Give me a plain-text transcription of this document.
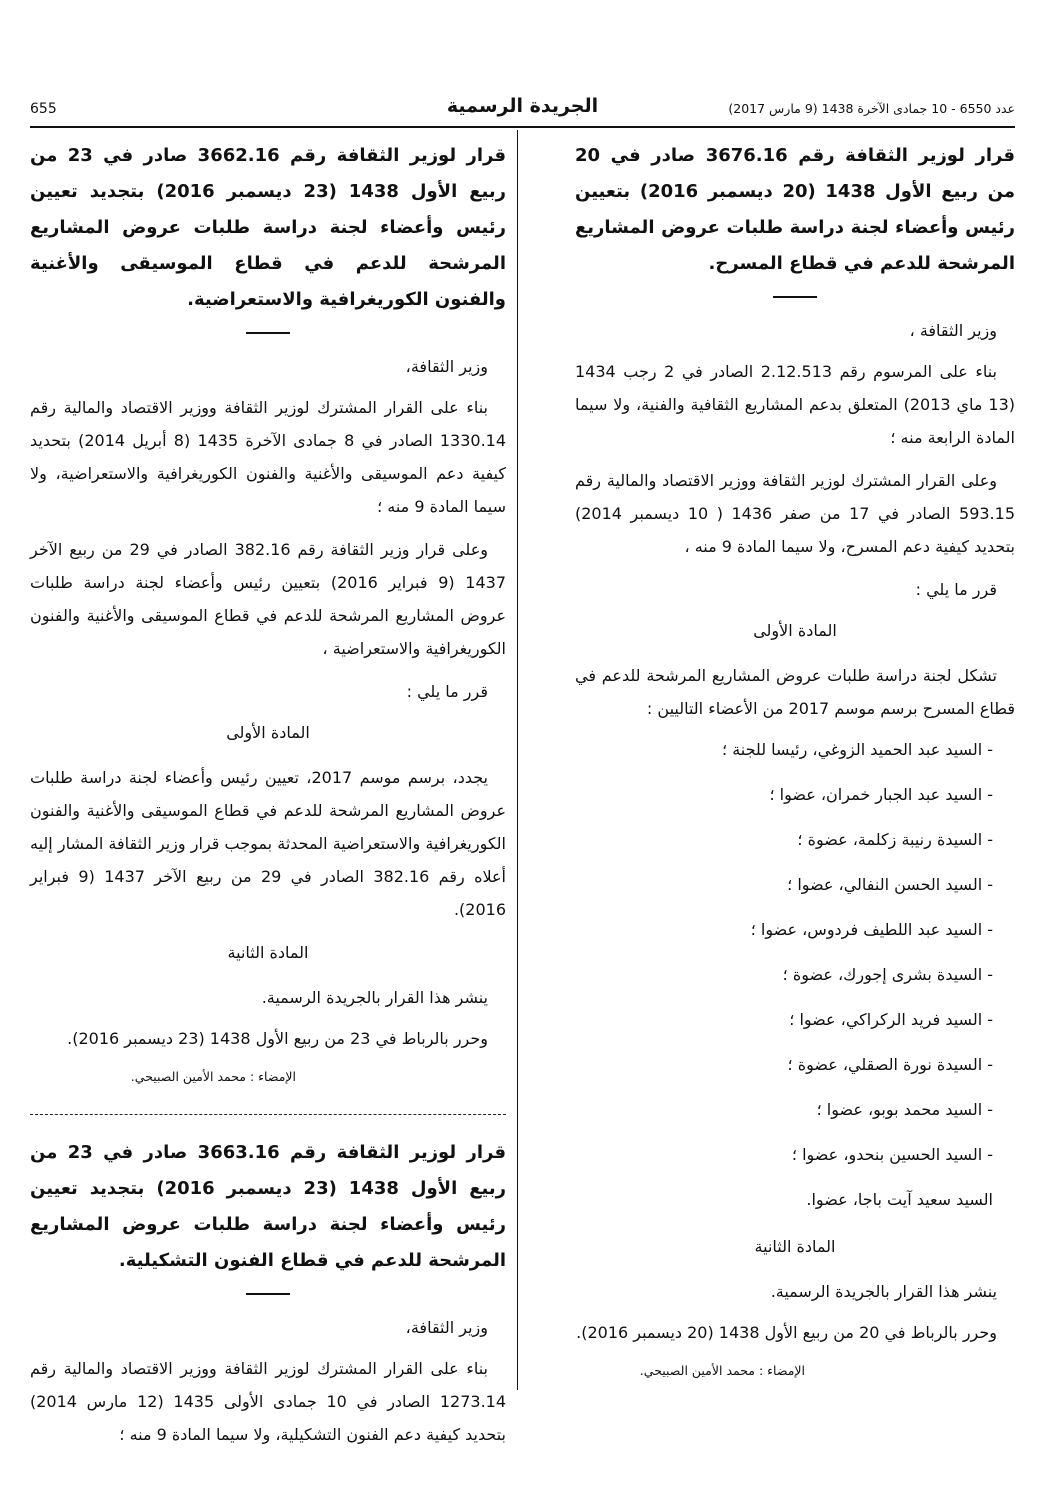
عدد 6550 - 10 جمادى الآخرة 1438 (9 مارس 2017)
الجريدة الرسمية
655

قرار لوزير الثقافة رقم 3676.16 صادر في 20 من ربيع الأول 1438 (20 ديسمبر 2016) بتعيين رئيس وأعضاء لجنة دراسة طلبات عروض المشاريع المرشحة للدعم في قطاع المسرح.

وزير الثقافة ،

بناء على المرسوم رقم 2.12.513 الصادر في 2 رجب 1434 (13 ماي 2013) المتعلق بدعم المشاريع الثقافية والفنية، ولا سيما المادة الرابعة منه ؛

وعلى القرار المشترك لوزير الثقافة ووزير الاقتصاد والمالية رقم 593.15 الصادر في 17 من صفر 1436 ( 10 ديسمبر 2014) بتحديد كيفية دعم المسرح، ولا سيما المادة 9 منه ،

قرر ما يلي :

المادة الأولى

تشكل لجنة دراسة طلبات عروض المشاريع المرشحة للدعم في قطاع المسرح برسم موسم 2017 من الأعضاء التاليين :

- السيد عبد الحميد الزوغي، رئيسا للجنة ؛
- السيد عبد الجبار خمران، عضوا ؛
- السيدة رنيبة زكلمة، عضوة ؛
- السيد الحسن النفالي، عضوا ؛
- السيد عبد اللطيف فردوس، عضوا ؛
- السيدة بشرى إجورك، عضوة ؛
- السيد فريد الركراكي، عضوا ؛
- السيدة نورة الصقلي، عضوة ؛
- السيد محمد بوبو، عضوا ؛
- السيد الحسين بنحدو، عضوا ؛
السيد سعيد آيت باجا، عضوا.

المادة الثانية

ينشر هذا القرار بالجريدة الرسمية.

وحرر بالرباط في 20 من ربيع الأول 1438 (20 ديسمبر 2016).

الإمضاء : محمد الأمين الصبيحي.

قرار لوزير الثقافة رقم 3662.16 صادر في 23 من ربيع الأول 1438 (23 ديسمبر 2016) بتجديد تعيين رئيس وأعضاء لجنة دراسة طلبات عروض المشاريع المرشحة للدعم في قطاع الموسيقى والأغنية والفنون الكوريغرافية والاستعراضية.

وزير الثقافة،

بناء على القرار المشترك لوزير الثقافة ووزير الاقتصاد والمالية رقم 1330.14 الصادر في 8 جمادى الآخرة 1435 (8 أبريل 2014) بتحديد كيفية دعم الموسيقى والأغنية والفنون الكوريغرافية والاستعراضية، ولا سيما المادة 9 منه ؛

وعلى قرار وزير الثقافة رقم 382.16 الصادر في 29 من ربيع الآخر 1437 (9 فبراير 2016) بتعيين رئيس وأعضاء لجنة دراسة طلبات عروض المشاريع المرشحة للدعم في قطاع الموسيقى والأغنية والفنون الكوريغرافية والاستعراضية ،

قرر ما يلي :

المادة الأولى

يجدد، برسم موسم 2017، تعيين رئيس وأعضاء لجنة دراسة طلبات عروض المشاريع المرشحة للدعم في قطاع الموسيقى والأغنية والفنون الكوريغرافية والاستعراضية المحدثة بموجب قرار وزير الثقافة المشار إليه أعلاه رقم 382.16 الصادر في 29 من ربيع الآخر 1437 (9 فبراير 2016).

المادة الثانية

ينشر هذا القرار بالجريدة الرسمية.

وحرر بالرباط في 23 من ربيع الأول 1438 (23 ديسمبر 2016).

الإمضاء : محمد الأمين الصبيحي.

قرار لوزير الثقافة رقم 3663.16 صادر في 23 من ربيع الأول 1438 (23 ديسمبر 2016) بتجديد تعيين رئيس وأعضاء لجنة دراسة طلبات عروض المشاريع المرشحة للدعم في قطاع الفنون التشكيلية.

وزير الثقافة،

بناء على القرار المشترك لوزير الثقافة ووزير الاقتصاد والمالية رقم 1273.14 الصادر في 10 جمادى الأولى 1435 (12 مارس 2014) بتحديد كيفية دعم الفنون التشكيلية، ولا سيما المادة 9 منه ؛
